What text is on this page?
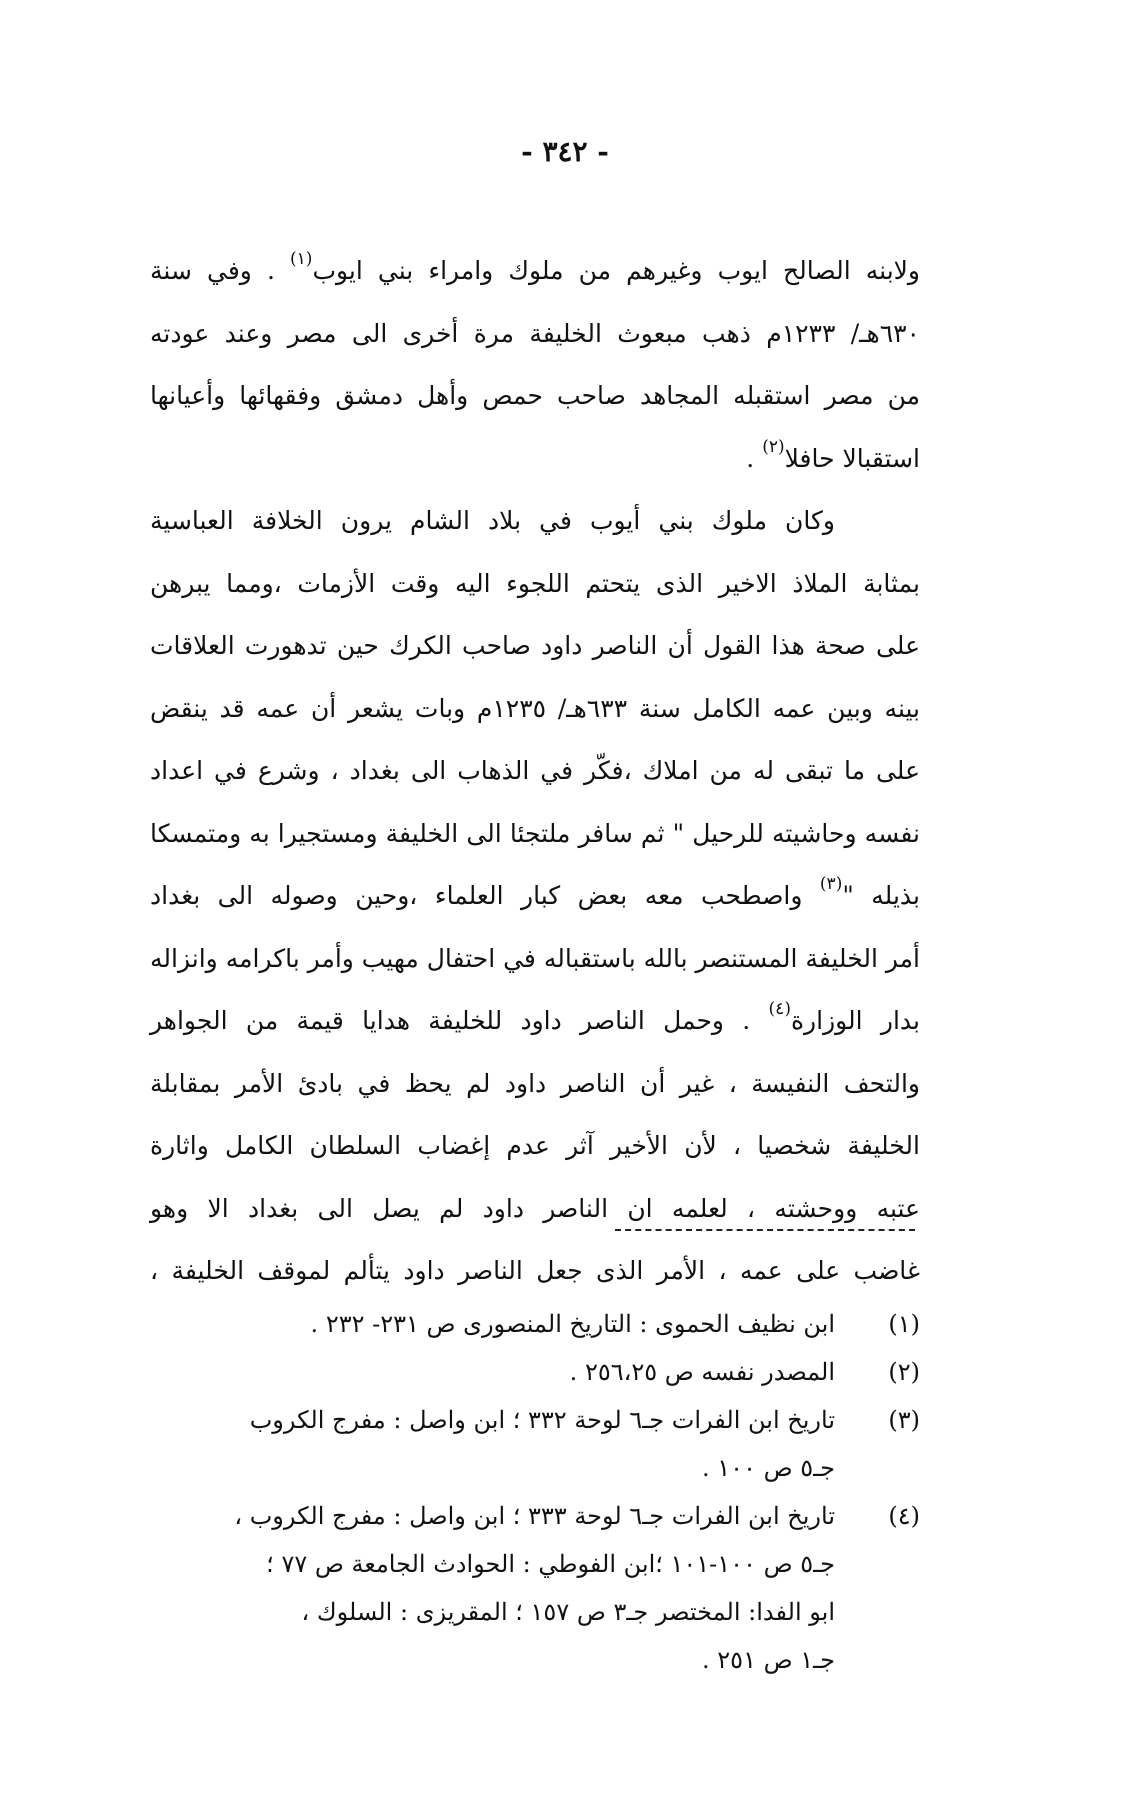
- ٣٤٢ -
ولابنه الصالح ايوب وغيرهم من ملوك وامراء بني ايوب$^{(١)}$ . وفي سنة
٦٣٠هـ/ ١٢٣٣م ذهب مبعوث الخليفة مرة أخرى الى مصر وعند عودته
من مصر استقبله المجاهد صاحب حمص وأهل دمشق وفقهائها وأعيانها
استقبالا حافلا$^{(٢)}$ .
وكان ملوك بني أيوب في بلاد الشام يرون الخلافة العباسية
بمثابة الملاذ الاخير الذى يتحتم اللجوء اليه وقت الأزمات ،ومما يبرهن
على صحة هذا القول أن الناصر داود صاحب الكرك حين تدهورت العلاقات
بينه وبين عمه الكامل سنة ٦٣٣هـ/ ١٢٣٥م وبات يشعر أن عمه قد ينقض
على ما تبقى له من املاك ،فكّر في الذهاب الى بغداد ، وشرع في اعداد
نفسه وحاشيته للرحيل " ثم سافر ملتجئا الى الخليفة ومستجيرا به ومتمسكا
بذيله "$^{(٣)}$ واصطحب معه بعض كبار العلماء ،وحين وصوله الى بغداد
أمر الخليفة المستنصر بالله باستقباله في احتفال مهيب وأمر باكرامه وانزاله
بدار الوزارة$^{(٤)}$ . وحمل الناصر داود للخليفة هدايا قيمة من الجواهر
والتحف النفيسة ، غير أن الناصر داود لم يحظ في بادئ الأمر بمقابلة
الخليفة شخصيا ، لأن الأخير آثر عدم إغضاب السلطان الكامل واثارة
عتبه ووحشته ، لعلمه ان الناصر داود لم يصل الى بغداد الا وهو
غاضب على عمه ، الأمر الذى جعل الناصر داود يتألم لموقف الخليفة ،
(١)ابن نظيف الحموى : التاريخ المنصورى ص ٢٣١- ٢٣٢ .
(٢)المصدر نفسه ص ٢٥٦،٢٥ .
(٣)تاريخ ابن الفرات جـ٦ لوحة ٣٣٢ ؛ ابن واصل : مفرج الكروب
جـ٥ ص ١٠٠ .
(٤)تاريخ ابن الفرات جـ٦ لوحة ٣٣٣ ؛ ابن واصل : مفرج الكروب ،
جـ٥ ص ١٠٠-١٠١ ؛ابن الفوطي : الحوادث الجامعة ص ٧٧ ؛
ابو الفدا: المختصر جـ٣ ص ١٥٧ ؛ المقريزى : السلوك ،
جـ١ ص ٢٥١ .
